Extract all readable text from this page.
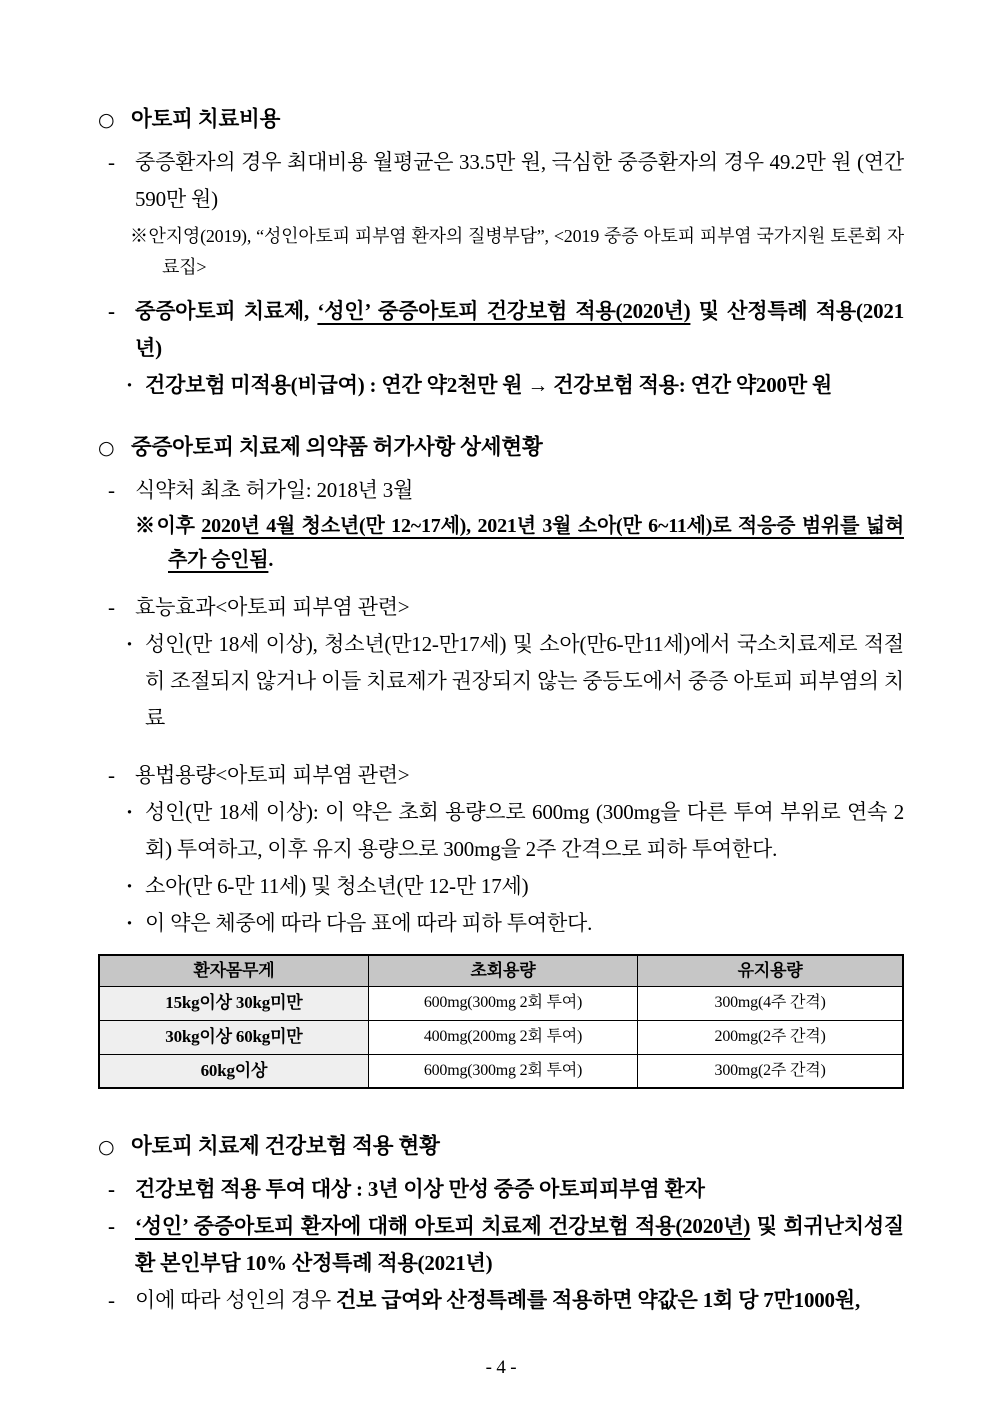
○ 아토피 치료비용

- 중증환자의 경우 최대비용 월평균은 33.5만 원, 극심한 중증환자의 경우 49.2만 원 (연간 590만 원)

※안지영(2019), “성인아토피 피부염 환자의 질병부담”, <2019 중증 아토피 피부염 국가지원 토론회 자료집>

- 중증아토피 치료제, ‘성인’ 중증아토피 건강보험 적용(2020년) 및 산정특례 적용(2021년)

· 건강보험 미적용(비급여) : 연간 약2천만 원 → 건강보험 적용: 연간 약200만 원

○ 중증아토피 치료제 의약품 허가사항 상세현황

- 식약처 최초 허가일: 2018년 3월

※이후 2020년 4월 청소년(만 12~17세), 2021년 3월 소아(만 6~11세)로 적응증 범위를 넓혀 추가 승인됨.

- 효능효과<아토피 피부염 관련>

· 성인(만 18세 이상), 청소년(만12-만17세) 및 소아(만6-만11세)에서 국소치료제로 적절히 조절되지 않거나 이들 치료제가 권장되지 않는 중등도에서 중증 아토피 피부염의 치료

- 용법용량<아토피 피부염 관련>

· 성인(만 18세 이상): 이 약은 초회 용량으로 600mg (300mg을 다른 투여 부위로 연속 2회) 투여하고, 이후 유지 용량으로 300mg을 2주 간격으로 피하 투여한다.

· 소아(만 6-만 11세) 및 청소년(만 12-만 17세)

· 이 약은 체중에 따라 다음 표에 따라 피하 투여한다.

환자몸무게	초회용량	유지용량
15kg이상 30kg미만	600mg(300mg 2회 투여)	300mg(4주 간격)
30kg이상 60kg미만	400mg(200mg 2회 투여)	200mg(2주 간격)
60kg이상	600mg(300mg 2회 투여)	300mg(2주 간격)
○ 아토피 치료제 건강보험 적용 현황

- 건강보험 적용 투여 대상 : 3년 이상 만성 중증 아토피피부염 환자

- ‘성인’ 중증아토피 환자에 대해 아토피 치료제 건강보험 적용(2020년) 및 희귀난치성질환 본인부담 10% 산정특례 적용(2021년)

- 이에 따라 성인의 경우 건보 급여와 산정특례를 적용하면 약값은 1회 당 7만1000원,

- 4 -
